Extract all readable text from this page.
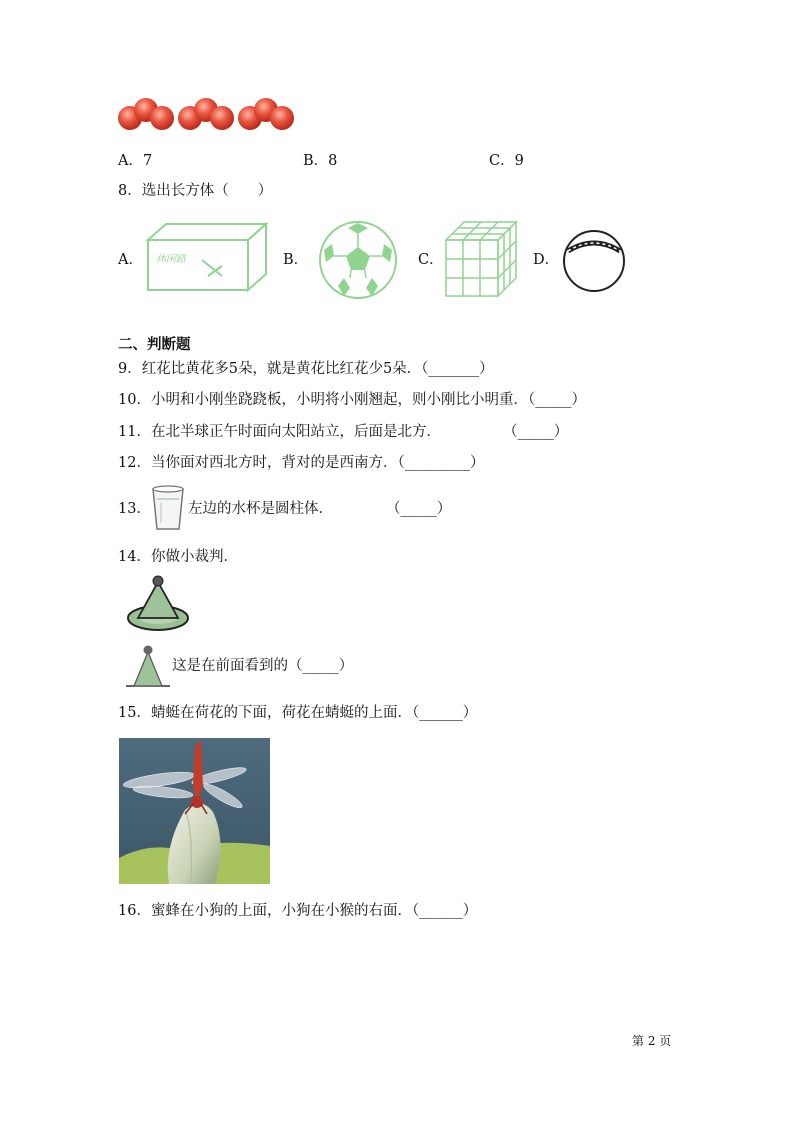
A．7	B．8	C．9
8．选出长方体（　　）
A． 休闲路	B．	C．	D．
二、判断题
9．红花比黄花多5朵，就是黄花比红花少5朵．（_______）
10．小明和小刚坐跷跷板，小明将小刚翘起，则小刚比小明重．（_____）
11．在北半球正午时面向太阳站立，后面是北方．	（_____）
12．当你面对西北方时，背对的是西南方．（_________）
13．	左边的水杯是圆柱体．	（_____）
14．你做小裁判．
这是在前面看到的（_____）
15．蜻蜓在荷花的下面，荷花在蜻蜓的上面．（______）
16．蜜蜂在小狗的上面，小狗在小猴的右面．（______）
第 2 页
